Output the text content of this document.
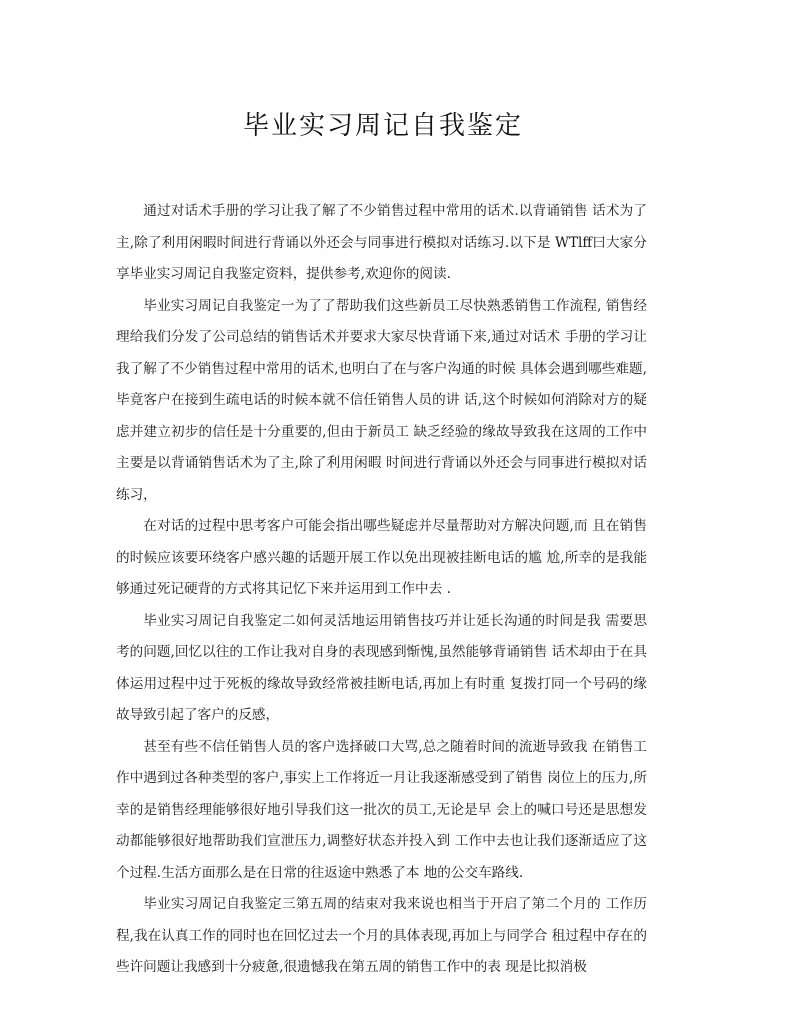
毕业实习周记自我鉴定

通过对话术手册的学习让我了解了不少销售过程中常用的话术.以背诵销售 话术为了主,除了利用闲暇时间进行背诵以外还会与同事进行模拟对话练习.以下是 WTlff曰大家分享毕业实习周记自我鉴定资料，提供参考,欢迎你的阅读.

毕业实习周记自我鉴定一为了了帮助我们这些新员工尽快熟悉销售工作流程, 销售经理给我们分发了公司总结的销售话术并要求大家尽快背诵下来,通过对话术 手册的学习让我了解了不少销售过程中常用的话术,也明白了在与客户沟通的时候 具体会遇到哪些难题,毕竟客户在接到生疏电话的时候本就不信任销售人员的讲 话,这个时候如何消除对方的疑虑并建立初步的信任是十分重要的,但由于新员工 缺乏经验的缘故导致我在这周的工作中主要是以背诵销售话术为了主,除了利用闲暇 时间进行背诵以外还会与同事进行模拟对话练习，

在对话的过程中思考客户可能会指出哪些疑虑并尽量帮助对方解决问题,而 且在销售的时候应该要环绕客户感兴趣的话题开展工作以免出现被挂断电话的尴 尬,所幸的是我能够通过死记硬背的方式将其记忆下来并运用到工作中去 .

毕业实习周记自我鉴定二如何灵活地运用销售技巧并让延长沟通的时间是我 需要思考的问题,回忆以往的工作让我对自身的表现感到惭愧,虽然能够背诵销售 话术却由于在具体运用过程中过于死板的缘故导致经常被挂断电话,再加上有时重 复拨打同一个号码的缘故导致引起了客户的反感，

甚至有些不信任销售人员的客户选择破口大骂,总之随着时间的流逝导致我 在销售工作中遇到过各种类型的客户,事实上工作将近一月让我逐渐感受到了销售 岗位上的压力,所幸的是销售经理能够很好地引导我们这一批次的员工,无论是早 会上的喊口号还是思想发动都能够很好地帮助我们宣泄压力,调整好状态并投入到 工作中去也让我们逐渐适应了这个过程.生活方面那么是在日常的往返途中熟悉了本 地的公交车路线.

毕业实习周记自我鉴定三第五周的结束对我来说也相当于开启了第二个月的 工作历程,我在认真工作的同时也在回忆过去一个月的具体表现,再加上与同学合 租过程中存在的些许问题让我感到十分疲惫,很遗憾我在第五周的销售工作中的表 现是比拟消极
